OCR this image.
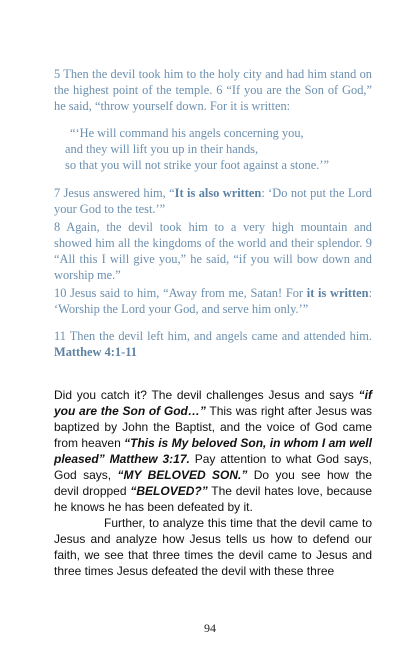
5 Then the devil took him to the holy city and had him stand on the highest point of the temple. 6 “If you are the Son of God,” he said, “throw yourself down. For it is written:

“‘He will command his angels concerning you,
and they will lift you up in their hands,
so that you will not strike your foot against a stone.’”

7 Jesus answered him, “It is also written: ‘Do not put the Lord your God to the test.’”

8 Again, the devil took him to a very high mountain and showed him all the kingdoms of the world and their splendor. 9 “All this I will give you,” he said, “if you will bow down and worship me.”

10 Jesus said to him, “Away from me, Satan! For it is written: ‘Worship the Lord your God, and serve him only.’”

11 Then the devil left him, and angels came and attended him. Matthew 4:1-11

Did you catch it? The devil challenges Jesus and says “if you are the Son of God…” This was right after Jesus was baptized by John the Baptist, and the voice of God came from heaven “This is My beloved Son, in whom I am well pleased” Matthew 3:17. Pay attention to what God says, God says, “MY BELOVED SON.” Do you see how the devil dropped “BELOVED?” The devil hates love, because he knows he has been defeated by it.

Further, to analyze this time that the devil came to Jesus and analyze how Jesus tells us how to defend our faith, we see that three times the devil came to Jesus and three times Jesus defeated the devil with these three

94
